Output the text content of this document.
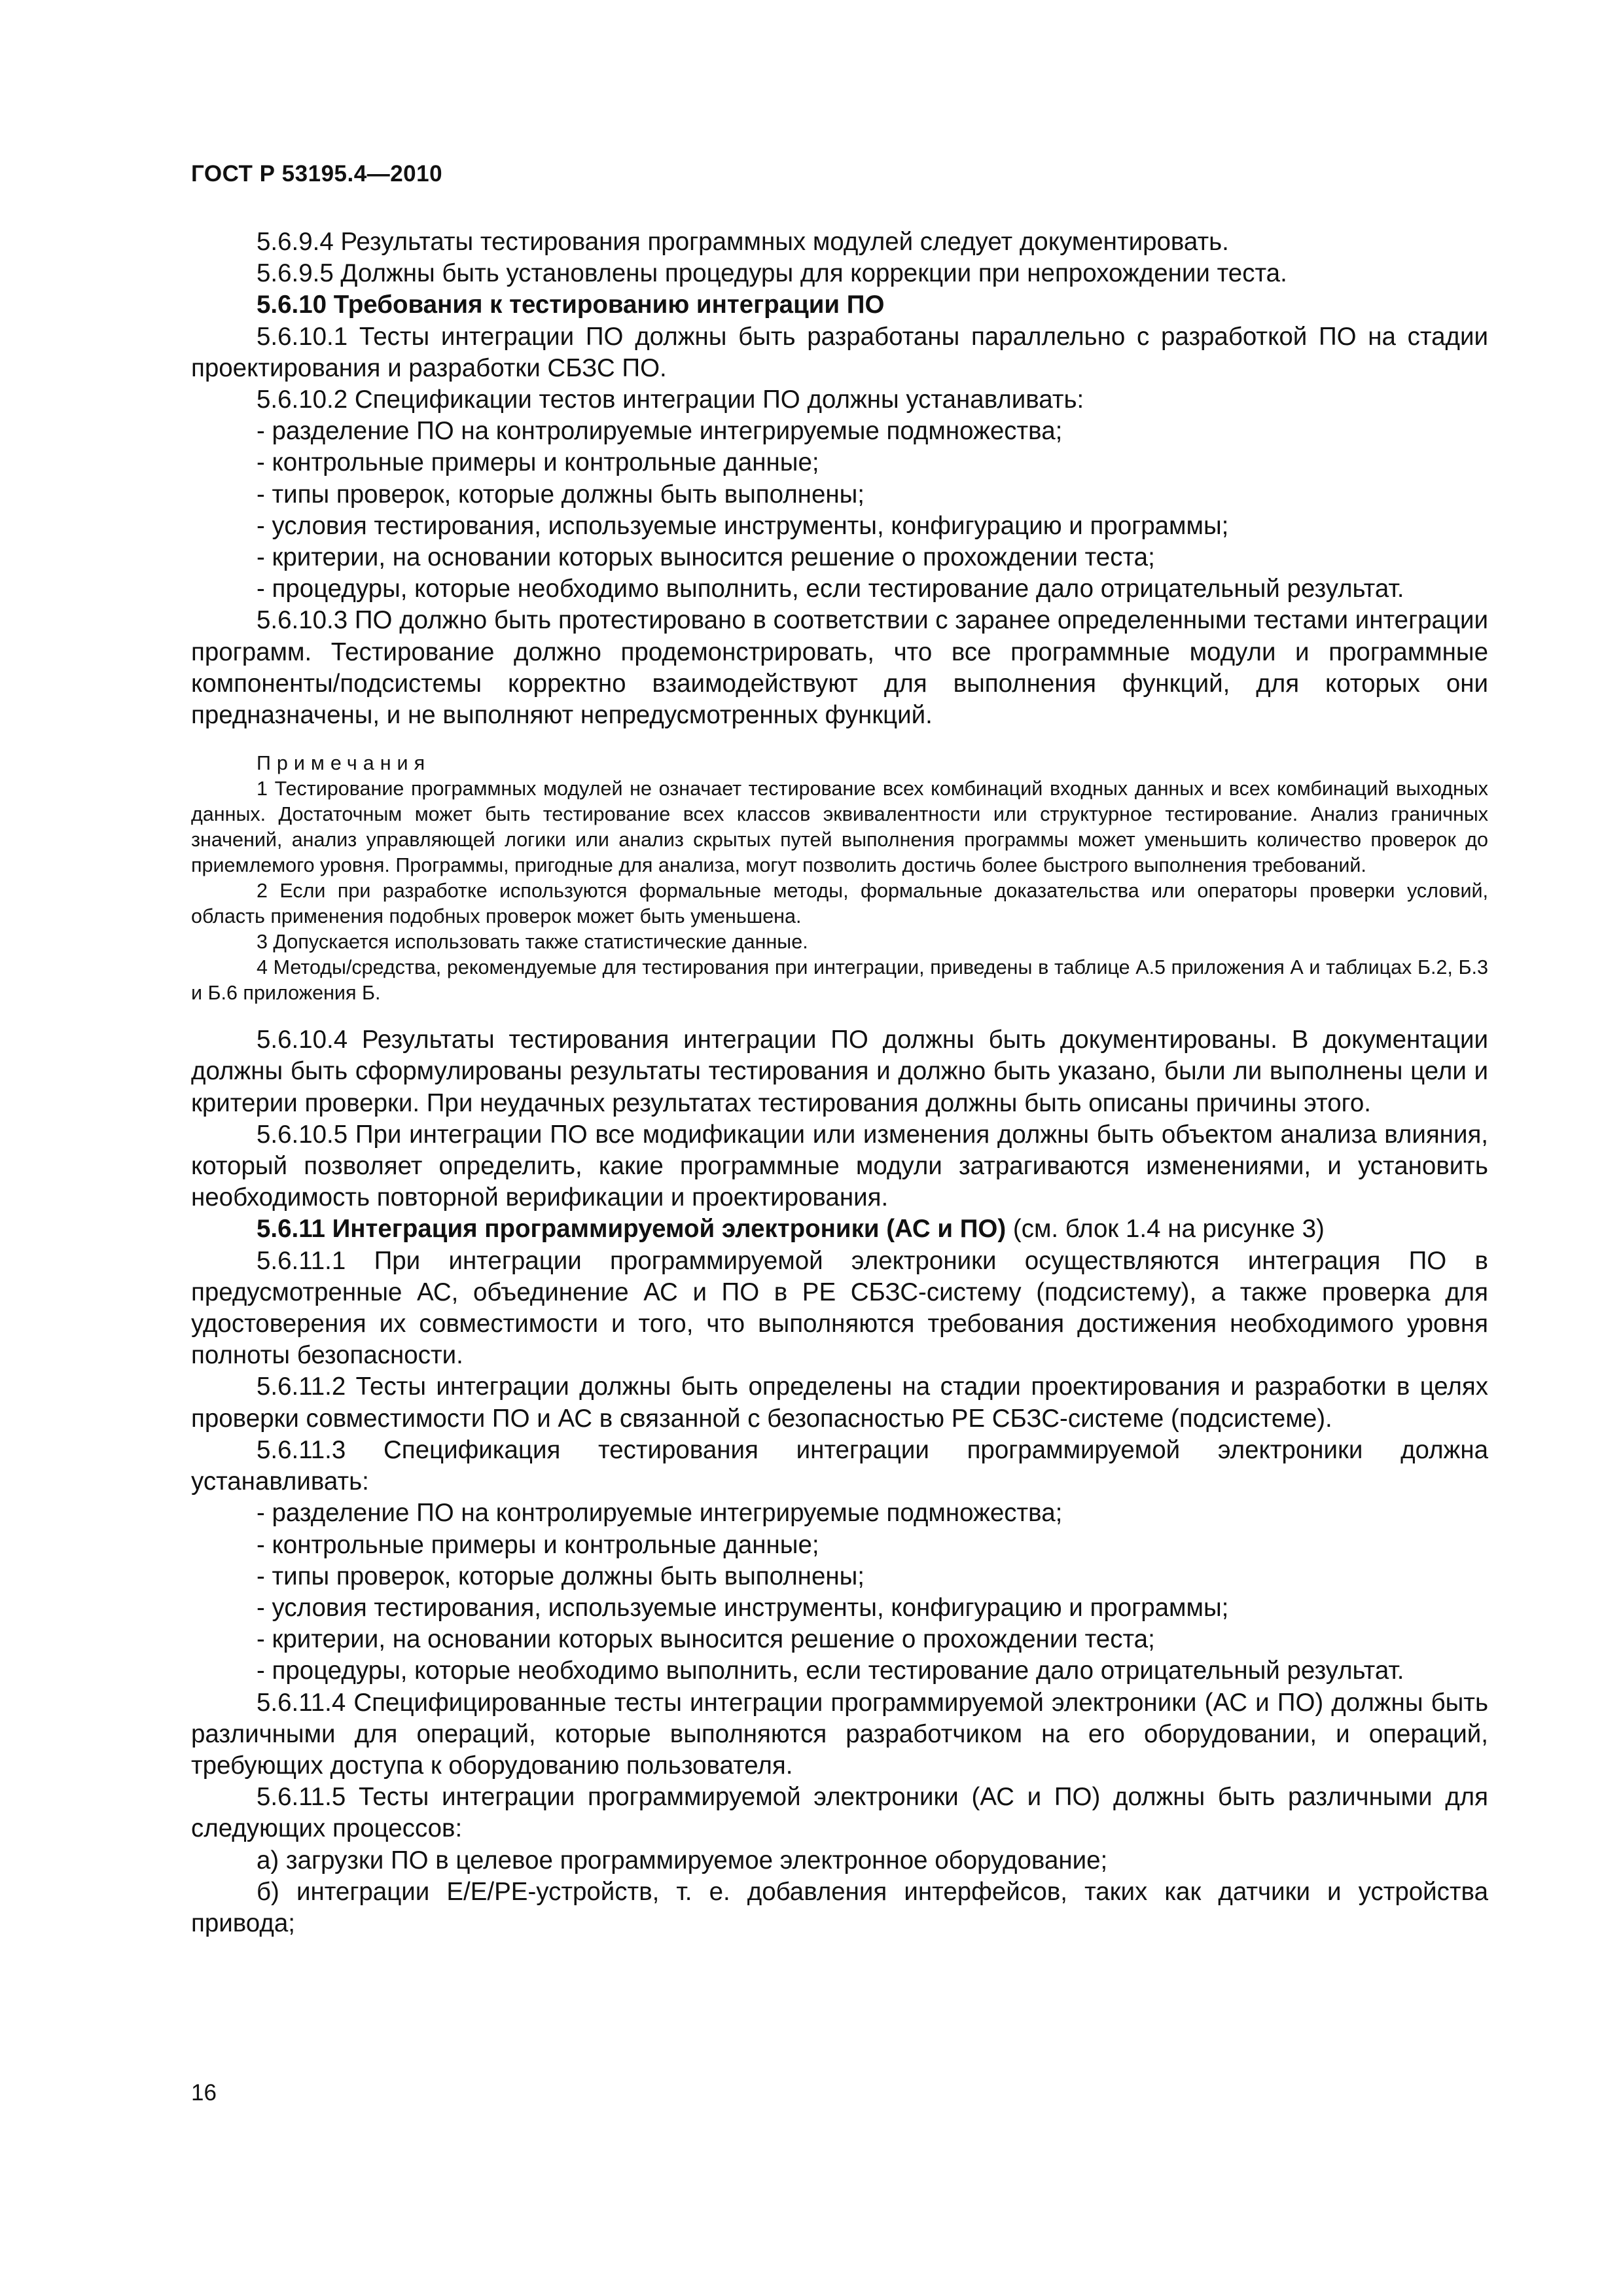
ГОСТ Р 53195.4—2010

5.6.9.4 Результаты тестирования программных модулей следует документировать.

5.6.9.5 Должны быть установлены процедуры для коррекции при непрохождении теста.

5.6.10 Требования к тестированию интеграции ПО

5.6.10.1 Тесты интеграции ПО должны быть разработаны параллельно с разработкой ПО на стадии проектирования и разработки СБЗС ПО.

5.6.10.2 Спецификации тестов интеграции ПО должны устанавливать:

- разделение ПО на контролируемые интегрируемые подмножества;

- контрольные примеры и контрольные данные;

- типы проверок, которые должны быть выполнены;

- условия тестирования, используемые инструменты, конфигурацию и программы;

- критерии, на основании которых выносится решение о прохождении теста;

- процедуры, которые необходимо выполнить, если тестирование дало отрицательный результат.

5.6.10.3 ПО должно быть протестировано в соответствии с заранее определенными тестами интеграции программ. Тестирование должно продемонстрировать, что все программные модули и программные компоненты/подсистемы корректно взаимодействуют для выполнения функций, для которых они предназначены, и не выполняют непредусмотренных функций.

Примечания

1 Тестирование программных модулей не означает тестирование всех комбинаций входных данных и всех комбинаций выходных данных. Достаточным может быть тестирование всех классов эквивалентности или структурное тестирование. Анализ граничных значений, анализ управляющей логики или анализ скрытых путей выполнения программы может уменьшить количество проверок до приемлемого уровня. Программы, пригодные для анализа, могут позволить достичь более быстрого выполнения требований.

2 Если при разработке используются формальные методы, формальные доказательства или операторы проверки условий, область применения подобных проверок может быть уменьшена.

3 Допускается использовать также статистические данные.

4 Методы/средства, рекомендуемые для тестирования при интеграции, приведены в таблице А.5 приложения А и таблицах Б.2, Б.3 и Б.6 приложения Б.

5.6.10.4 Результаты тестирования интеграции ПО должны быть документированы. В документации должны быть сформулированы результаты тестирования и должно быть указано, были ли выполнены цели и критерии проверки. При неудачных результатах тестирования должны быть описаны причины этого.

5.6.10.5 При интеграции ПО все модификации или изменения должны быть объектом анализа влияния, который позволяет определить, какие программные модули затрагиваются изменениями, и установить необходимость повторной верификации и проектирования.

5.6.11 Интеграция программируемой электроники (АС и ПО) (см. блок 1.4 на рисунке 3)

5.6.11.1 При интеграции программируемой электроники осуществляются интеграция ПО в предусмотренные АС, объединение АС и ПО в РЕ СБЗС-систему (подсистему), а также проверка для удостоверения их совместимости и того, что выполняются требования достижения необходимого уровня полноты безопасности.

5.6.11.2 Тесты интеграции должны быть определены на стадии проектирования и разработки в целях проверки совместимости ПО и АС в связанной с безопасностью РЕ СБЗС-системе (подсистеме).

5.6.11.3 Спецификация тестирования интеграции программируемой электроники должна устанавливать:

- разделение ПО на контролируемые интегрируемые подмножества;

- контрольные примеры и контрольные данные;

- типы проверок, которые должны быть выполнены;

- условия тестирования, используемые инструменты, конфигурацию и программы;

- критерии, на основании которых выносится решение о прохождении теста;

- процедуры, которые необходимо выполнить, если тестирование дало отрицательный результат.

5.6.11.4 Специфицированные тесты интеграции программируемой электроники (АС и ПО) должны быть различными для операций, которые выполняются разработчиком на его оборудовании, и операций, требующих доступа к оборудованию пользователя.

5.6.11.5 Тесты интеграции программируемой электроники (АС и ПО) должны быть различными для следующих процессов:

а) загрузки ПО в целевое программируемое электронное оборудование;

б) интеграции Е/Е/РЕ-устройств, т. е. добавления интерфейсов, таких как датчики и устройства привода;

16
